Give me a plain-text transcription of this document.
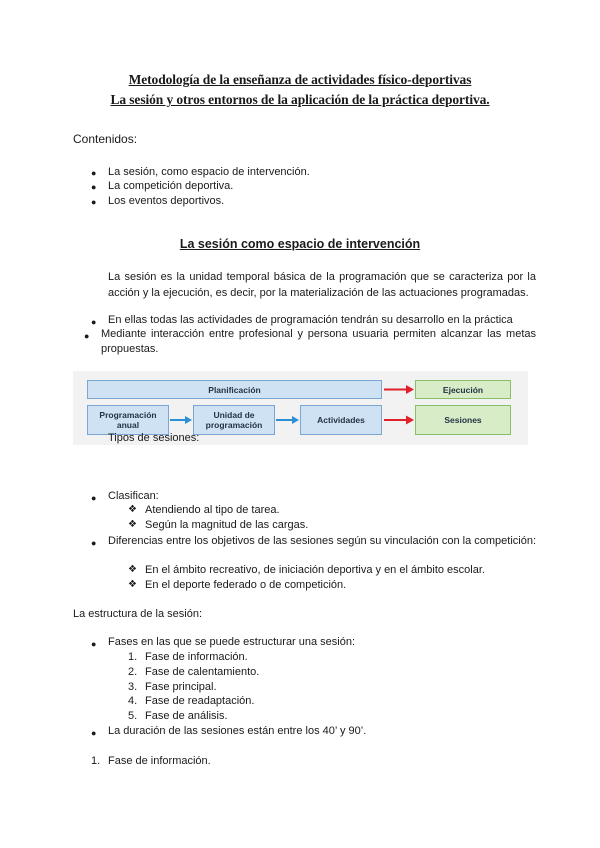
Metodología de la enseñanza de actividades físico-deportivas
La sesión y otros entornos de la aplicación de la práctica deportiva.
Contenidos:
● La sesión, como espacio de intervención.
● La competición deportiva.
● Los eventos deportivos.
La sesión como espacio de intervención
La sesión es la unidad temporal básica de la programación que se caracteriza por la acción y la ejecución, es decir, por la materialización de las actuaciones programadas.
● En ellas todas las actividades de programación tendrán su desarrollo en la práctica
● Mediante interacción entre profesional y persona usuaria permiten alcanzar las metas propuestas.
Planificación	Ejecución
Programación anual
Unidad de programación	Actividades	Sesiones
Tipos de sesiones:
● Clasifican:
❖ Atendiendo al tipo de tarea.
❖ Según la magnitud de las cargas.
● Diferencias entre los objetivos de las sesiones según su vinculación con la competición:
❖ En el ámbito recreativo, de iniciación deportiva y en el ámbito escolar.
❖ En el deporte federado o de competición.
La estructura de la sesión:
● Fases en las que se puede estructurar una sesión:
1. Fase de información.
2. Fase de calentamiento.
3. Fase principal.
4. Fase de readaptación.
5. Fase de análisis.
● La duración de las sesiones están entre los 40’ y 90’.
1. Fase de información.
